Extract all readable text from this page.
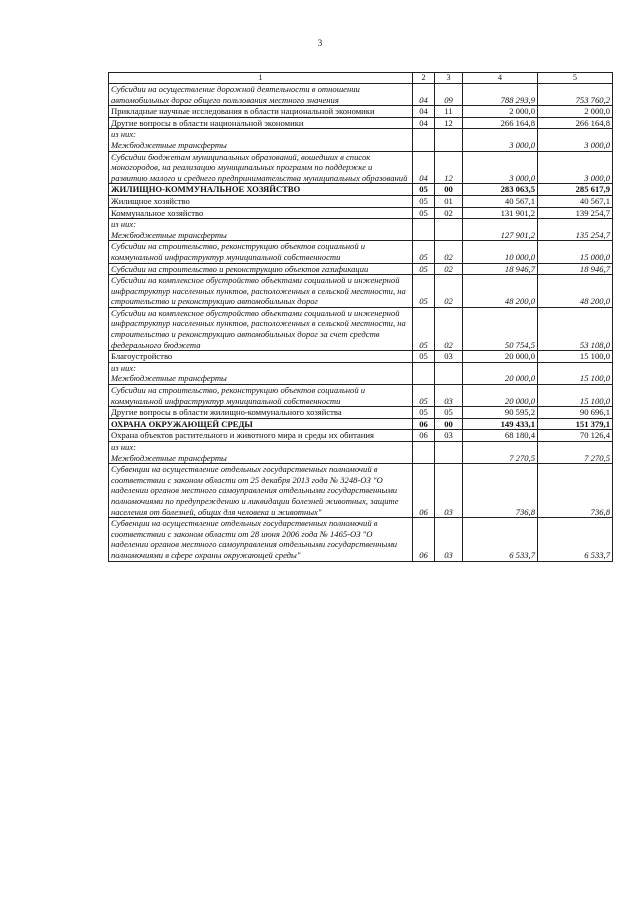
3
1	2	3	4	5
Субсидии на осуществление дорожной деятельности в отношении автомобильных дорог общего пользования местного значения	04	09	788 293,9	753 760,2
Прикладные научные исследования в области национальной экономики	04	11	2 000,0	2 000,0
Другие вопросы в области национальной экономики	04	12	266 164,8	266 164,8
из них:
Межбюджетные трансферты			3 000,0	3 000,0
Субсидии бюджетам муниципальных образований, вошедших в список моногородов, на реализацию муниципальных программ по поддержке и развитию малого и среднего предпринимательства муниципальных образований	04	12	3 000,0	3 000,0
ЖИЛИЩНО-КОММУНАЛЬНОЕ ХОЗЯЙСТВО	05	00	283 063,5	285 617,9
Жилищное хозяйство	05	01	40 567,1	40 567,1
Коммунальное хозяйство	05	02	131 901,2	139 254,7
из них:
Межбюджетные трансферты			127 901,2	135 254,7
Субсидии на строительство, реконструкцию объектов социальной и коммунальной инфраструктур муниципальной собственности	05	02	10 000,0	15 000,0
Субсидии на строительство и реконструкцию объектов газификации	05	02	18 946,7	18 946,7
Субсидии на комплексное обустройство объектами социальной и инженерной инфраструктур населенных пунктов, расположенных в сельской местности, на строительство и реконструкцию автомобильных дорог	05	02	48 200,0	48 200,0
Субсидии на комплексное обустройство объектами социальной и инженерной инфраструктур населенных пунктов, расположенных в сельской местности, на строительство и реконструкцию автомобильных дорог за счет средств федерального бюджета	05	02	50 754,5	53 108,0
Благоустройство	05	03	20 000,0	15 100,0
из них:
Межбюджетные трансферты			20 000,0	15 100,0
Субсидии на строительство, реконструкцию объектов социальной и коммунальной инфраструктур муниципальной собственности	05	03	20 000,0	15 100,0
Другие вопросы в области жилищно-коммунального хозяйства	05	05	90 595,2	90 696,1
ОХРАНА ОКРУЖАЮЩЕЙ СРЕДЫ	06	00	149 433,1	151 379,1
Охрана объектов растительного и животного мира и среды их обитания	06	03	68 180,4	70 126,4
из них:
Межбюджетные трансферты			7 270,5	7 270,5
Субвенции на осуществление отдельных государственных полномочий в соответствии с законом области от 25 декабря 2013 года № 3248-ОЗ "О наделении органов местного самоуправления отдельными государственными полномочиями по предупреждению и ликвидации болезней животных, защите населения от болезней, общих для человека и животных"	06	03	736,8	736,8
Субвенции на осуществление отдельных государственных полномочий в соответствии с законом области от 28 июня 2006 года № 1465-ОЗ "О наделении органов местного самоуправления отдельными государственными полномочиями в сфере охраны окружающей среды"	06	03	6 533,7	6 533,7
